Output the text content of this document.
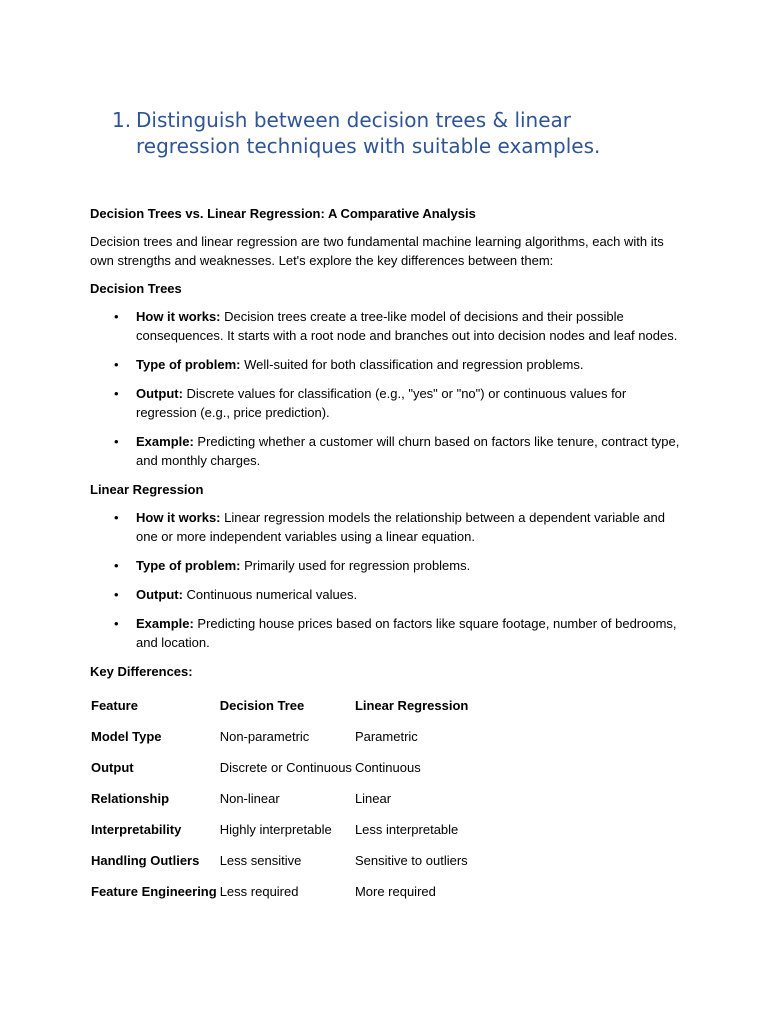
1. Distinguish between decision trees & linear regression techniques with suitable examples.
Decision Trees vs. Linear Regression: A Comparative Analysis
Decision trees and linear regression are two fundamental machine learning algorithms, each with its own strengths and weaknesses. Let's explore the key differences between them:
Decision Trees
• How it works: Decision trees create a tree-like model of decisions and their possible consequences. It starts with a root node and branches out into decision nodes and leaf nodes.
• Type of problem: Well-suited for both classification and regression problems.
• Output: Discrete values for classification (e.g., "yes" or "no") or continuous values for regression (e.g., price prediction).
• Example: Predicting whether a customer will churn based on factors like tenure, contract type, and monthly charges.
Linear Regression
• How it works: Linear regression models the relationship between a dependent variable and one or more independent variables using a linear equation.
• Type of problem: Primarily used for regression problems.
• Output: Continuous numerical values.
• Example: Predicting house prices based on factors like square footage, number of bedrooms, and location.
Key Differences:
Feature	Decision Tree	Linear Regression
Model Type	Non-parametric	Parametric
Output	Discrete or Continuous	Continuous
Relationship	Non-linear	Linear
Interpretability	Highly interpretable	Less interpretable
Handling Outliers	Less sensitive	Sensitive to outliers
Feature Engineering	Less required	More required
